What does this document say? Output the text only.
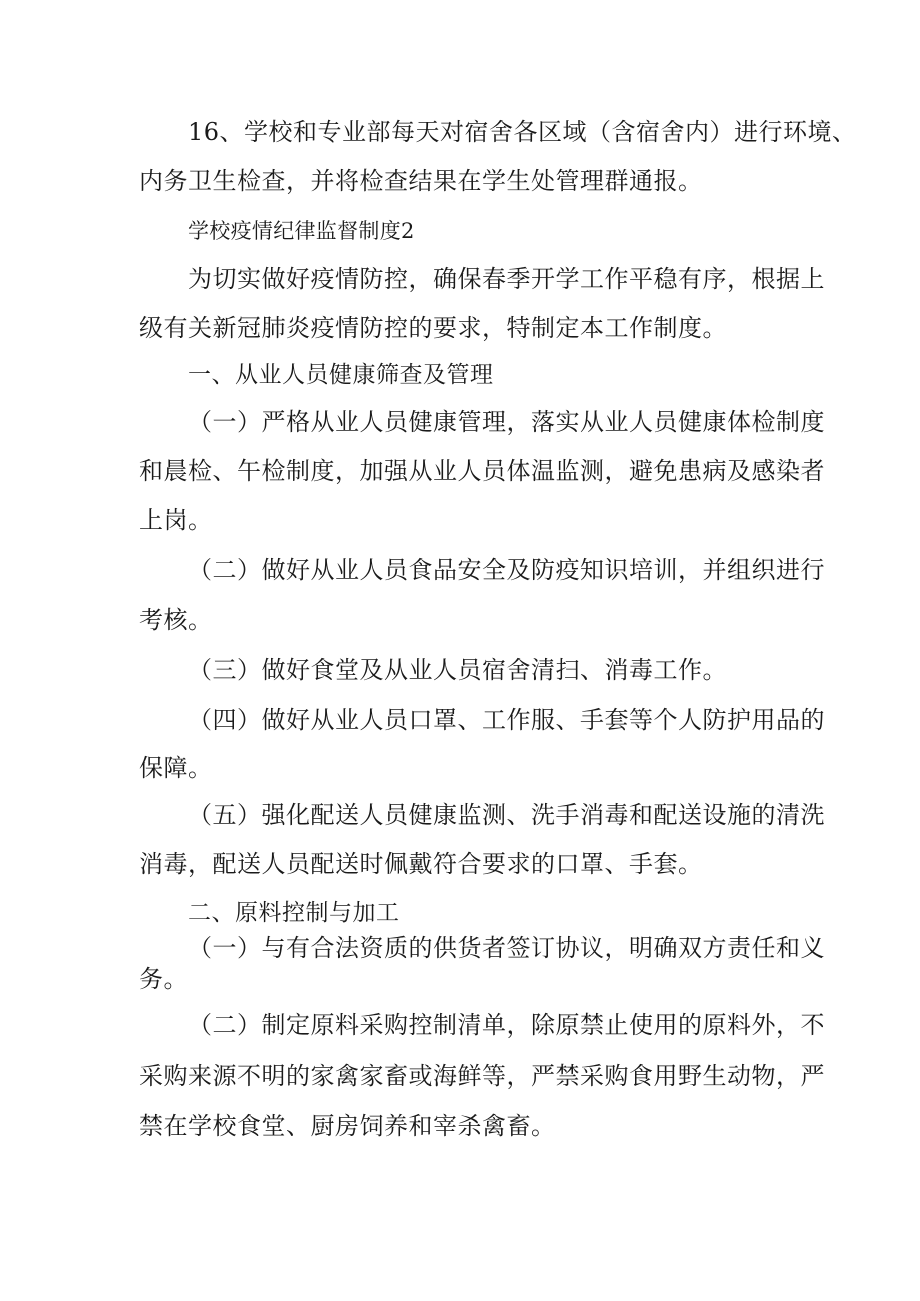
16、学校和专业部每天对宿舍各区域（含宿舍内）进行环境、

内务卫生检查，并将检查结果在学生处管理群通报。

学校疫情纪律监督制度2

为切实做好疫情防控，确保春季开学工作平稳有序，根据上

级有关新冠肺炎疫情防控的要求，特制定本工作制度。

一、从业人员健康筛查及管理

（一）严格从业人员健康管理，落实从业人员健康体检制度

和晨检、午检制度，加强从业人员体温监测，避免患病及感染者

上岗。

（二）做好从业人员食品安全及防疫知识培训，并组织进行

考核。

（三）做好食堂及从业人员宿舍清扫、消毒工作。

（四）做好从业人员口罩、工作服、手套等个人防护用品的

保障。

（五）强化配送人员健康监测、洗手消毒和配送设施的清洗

消毒，配送人员配送时佩戴符合要求的口罩、手套。

二、原料控制与加工

（一）与有合法资质的供货者签订协议，明确双方责任和义

务。

（二）制定原料采购控制清单，除原禁止使用的原料外，不

采购来源不明的家禽家畜或海鲜等，严禁采购食用野生动物，严

禁在学校食堂、厨房饲养和宰杀禽畜。
